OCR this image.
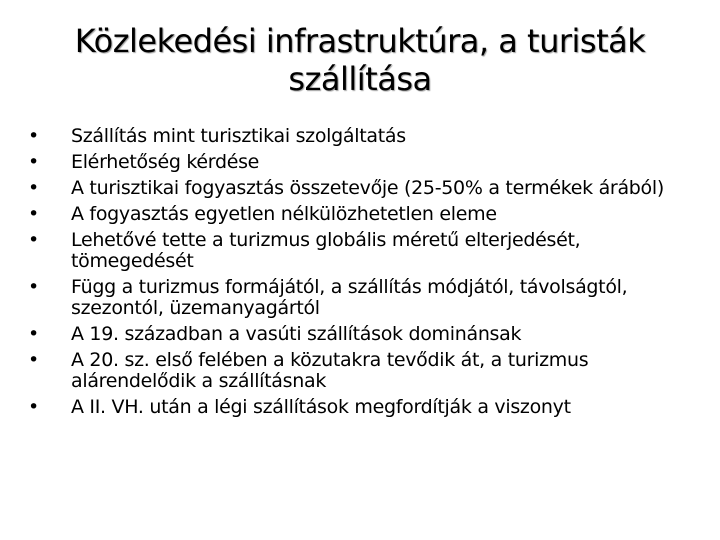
Közlekedési infrastruktúra, a turisták szállítása
• Szállítás mint turisztikai szolgáltatás
• Elérhetőség kérdése
• A turisztikai fogyasztás összetevője (25-50% a termékek árából)
• A fogyasztás egyetlen nélkülözhetetlen eleme
• Lehetővé tette a turizmus globális méretű elterjedését, tömegedését
• Függ a turizmus formájától, a szállítás módjától, távolságtól, szezontól, üzemanyagártól
• A 19. században a vasúti szállítások dominánsak
• A 20. sz. első felében a közutakra tevődik át, a turizmus alárendelődik a szállításnak
• A II. VH. után a légi szállítások megfordítják a viszonyt
